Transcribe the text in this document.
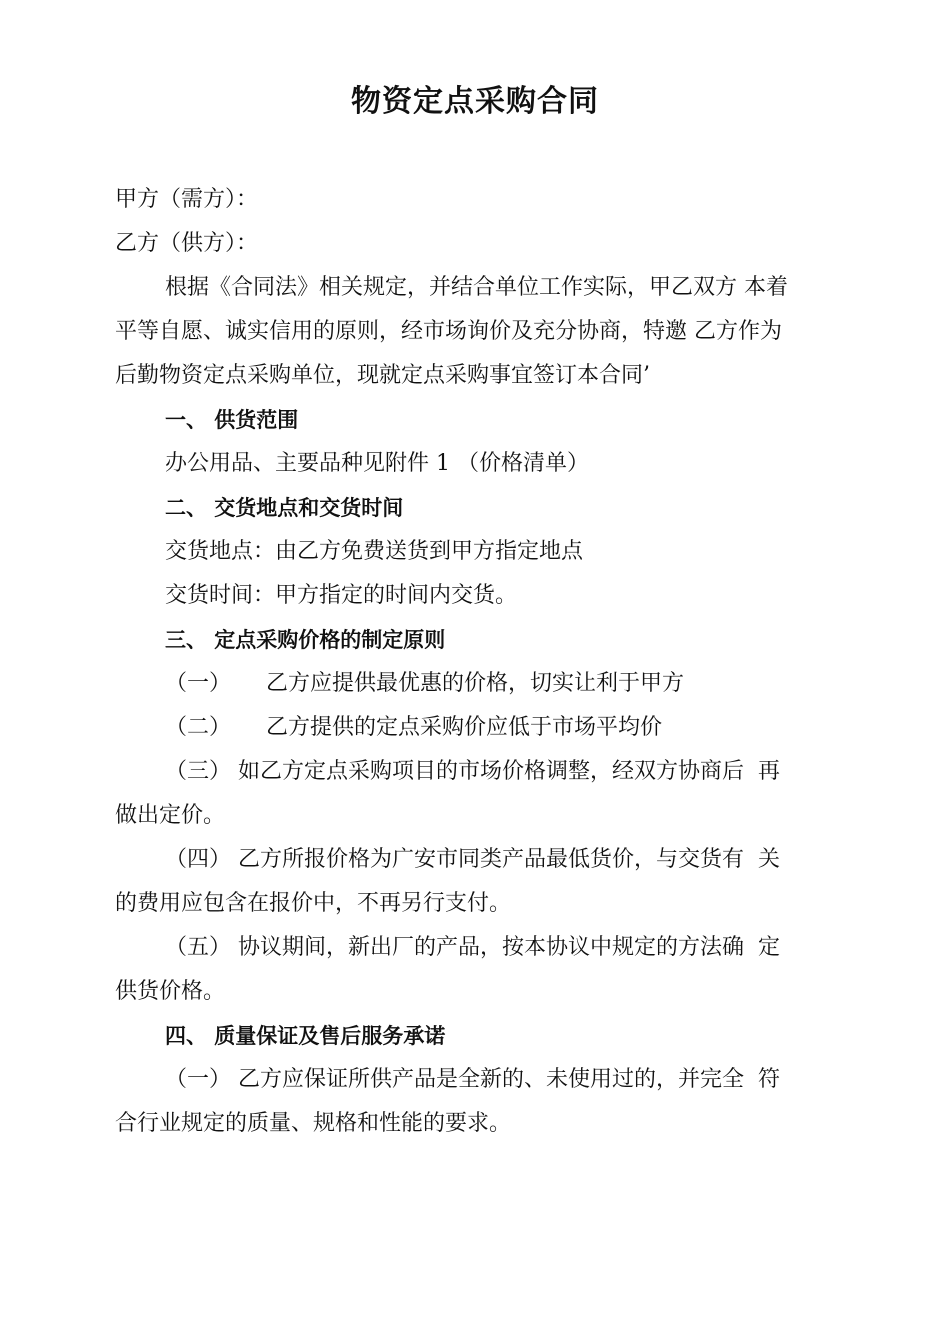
物资定点采购合同
甲方（需方）：
乙方（供方）：
根据《合同法》相关规定，并结合单位工作实际，甲乙双方 本着
平等自愿、诚实信用的原则，经市场询价及充分协商，特邀 乙方作为
后勤物资定点采购单位，现就定点采购事宜签订本合同’
一、 供货范围
办公用品、主要品种见附件 1 （价格清单）
二、 交货地点和交货时间
交货地点：由乙方免费送货到甲方指定地点
交货时间：甲方指定的时间内交货。
三、 定点采购价格的制定原则
（一）     乙方应提供最优惠的价格，切实让利于甲方
（二）     乙方提供的定点采购价应低于市场平均价
（三） 如乙方定点采购项目的市场价格调整，经双方协商后  再
做出定价。
（四） 乙方所报价格为广安市同类产品最低货价，与交货有  关
的费用应包含在报价中，不再另行支付。
（五） 协议期间，新出厂的产品，按本协议中规定的方法确  定
供货价格。
四、 质量保证及售后服务承诺
（一） 乙方应保证所供产品是全新的、未使用过的，并完全  符
合行业规定的质量、规格和性能的要求。
